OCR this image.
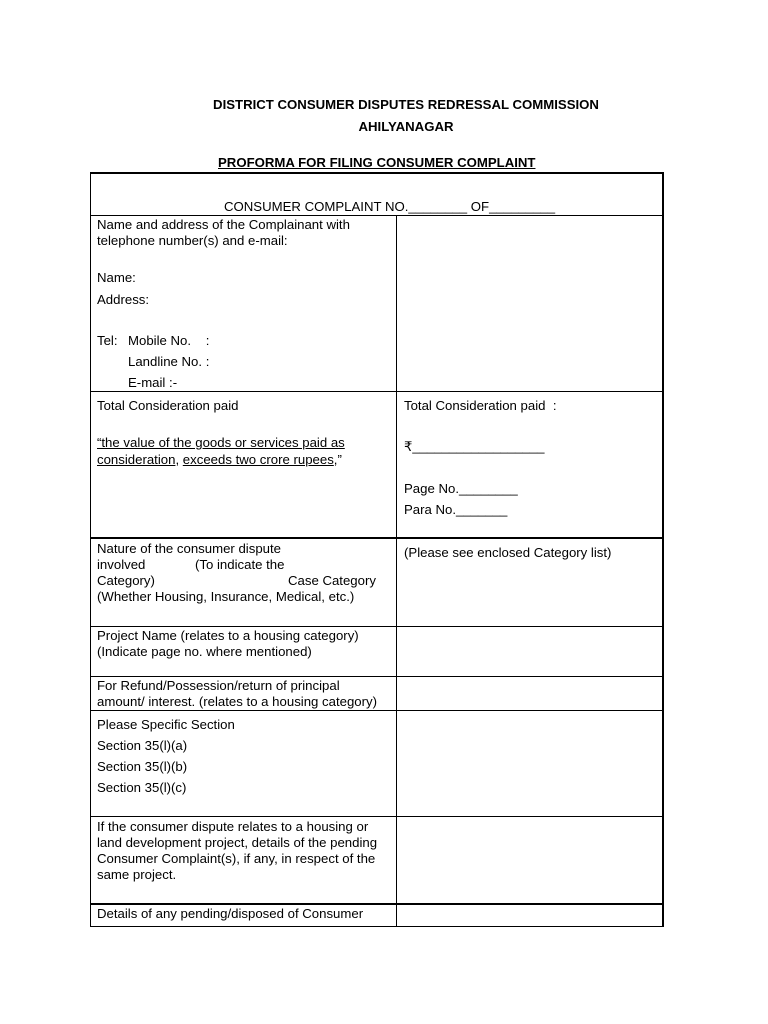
DISTRICT CONSUMER DISPUTES REDRESSAL COMMISSION
AHILYANAGAR
PROFORMA FOR FILING CONSUMER COMPLAINT
CONSUMER COMPLAINT NO.________ OF_________
Name and address of the Complainant with
telephone number(s) and e-mail:
Name:
Address:
Tel: Mobile No.    :
Landline No. :
E-mail :-
Total Consideration paid
“the value of the goods or services paid as
consideration, exceeds two crore rupees,”
Total Consideration paid  :
₹__________________
Page No.________
Para No._______
Nature of the consumer dispute
involved	(To indicate the
Category)	Case Category
(Whether Housing, Insurance, Medical, etc.)
(Please see enclosed Category list)
Project Name (relates to a housing category)
(Indicate page no. where mentioned)
For Refund/Possession/return of principal
amount/ interest. (relates to a housing category)
Please Specific Section
Section 35(l)(a)
Section 35(l)(b)
Section 35(l)(c)
If the consumer dispute relates to a housing or
land development project, details of the pending
Consumer Complaint(s), if any, in respect of the
same project.
Details of any pending/disposed of Consumer
